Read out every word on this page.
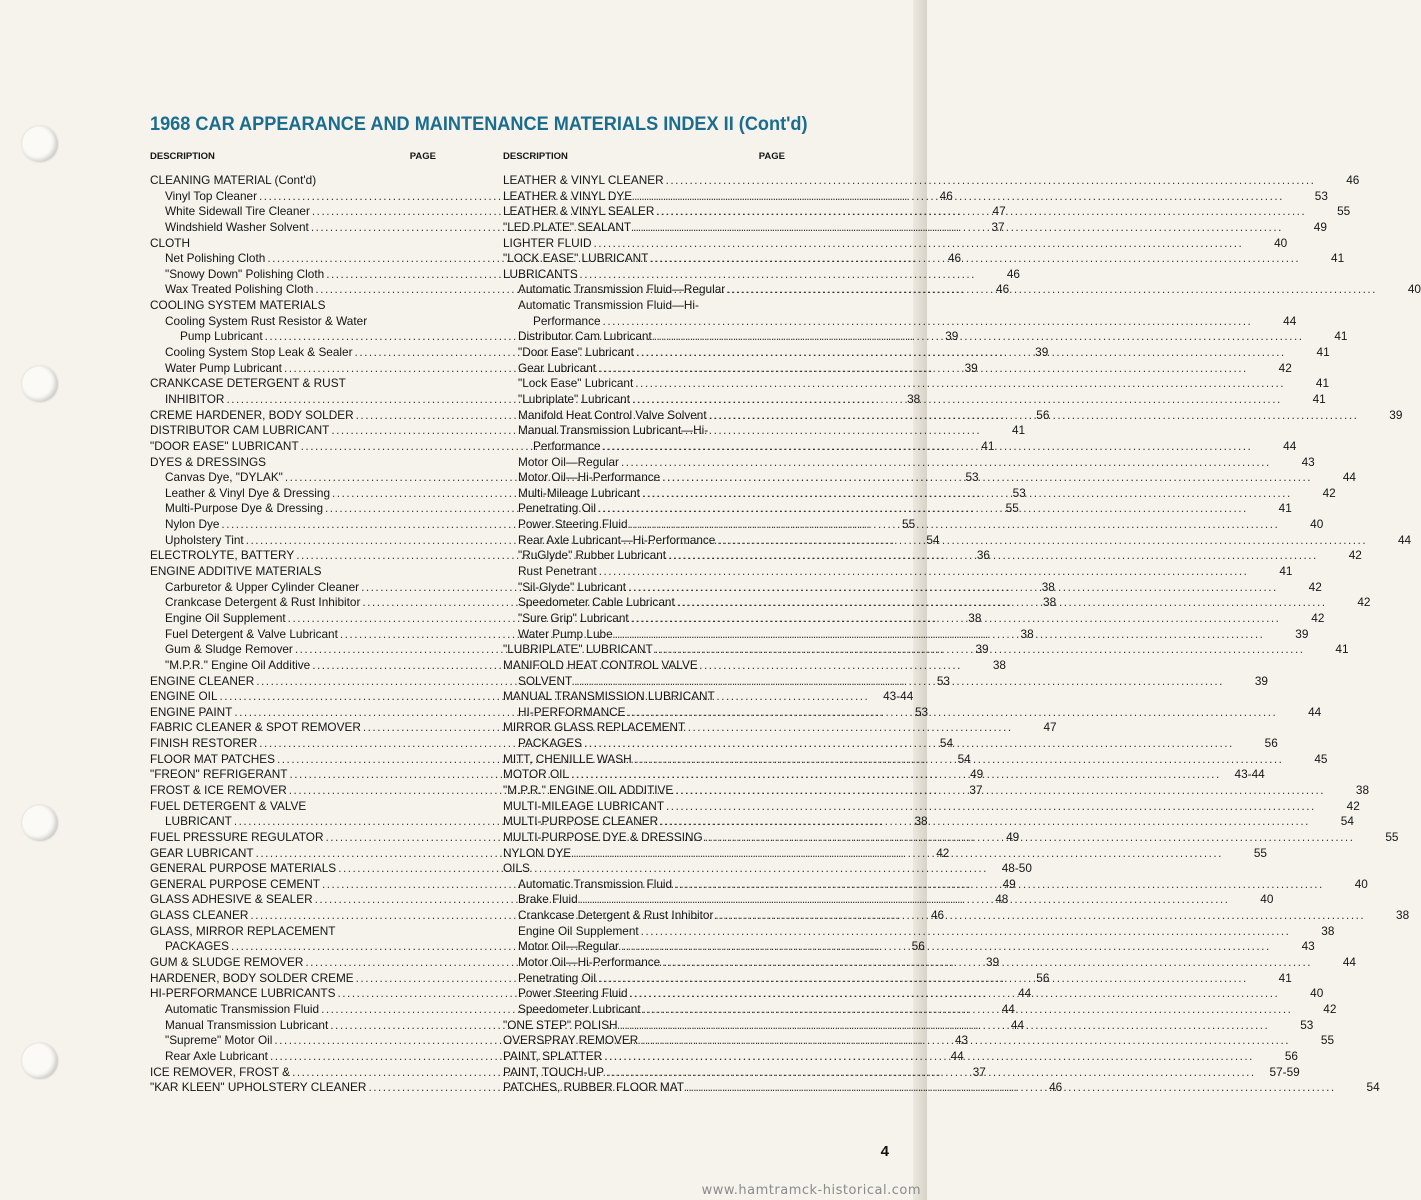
1968 CAR APPEARANCE AND MAINTENANCE MATERIALS INDEX II (Cont'd)
DESCRIPTION	PAGE
CLEANING MATERIAL (Cont'd)
Vinyl Top Cleaner .....	46
White Sidewall Tire Cleaner .....	47
Windshield Washer Solvent .....	37
CLOTH
Net Polishing Cloth .....	46
"Snowy Down" Polishing Cloth .....	46
Wax Treated Polishing Cloth .....	46
COOLING SYSTEM MATERIALS
Cooling System Rust Resistor & Water
Pump Lubricant .....	39
Cooling System Stop Leak & Sealer .....	39
Water Pump Lubricant .....	39
CRANKCASE DETERGENT & RUST
INHIBITOR .....	38
CREME HARDENER, BODY SOLDER .....	56
DISTRIBUTOR CAM LUBRICANT .....	41
"DOOR EASE" LUBRICANT .....	41
DYES & DRESSINGS
Canvas Dye, "DYLAK" .....	53
Leather & Vinyl Dye & Dressing .....	53
Multi-Purpose Dye & Dressing .....	55
Nylon Dye .....	55
Upholstery Tint .....	54
ELECTROLYTE, BATTERY .....	36
ENGINE ADDITIVE MATERIALS
Carburetor & Upper Cylinder Cleaner .....	38
Crankcase Detergent & Rust Inhibitor .....	38
Engine Oil Supplement .....	38
Fuel Detergent & Valve Lubricant .....	38
Gum & Sludge Remover .....	39
"M.P.R." Engine Oil Additive .....	38
ENGINE CLEANER .....	53
ENGINE OIL .....	43-44
ENGINE PAINT .....	53
FABRIC CLEANER & SPOT REMOVER .....	47
FINISH RESTORER .....	54
FLOOR MAT PATCHES .....	54
"FREON" REFRIGERANT .....	49
FROST & ICE REMOVER .....	37
FUEL DETERGENT & VALVE
LUBRICANT .....	38
FUEL PRESSURE REGULATOR .....	49
GEAR LUBRICANT .....	42
GENERAL PURPOSE MATERIALS .....	48-50
GENERAL PURPOSE CEMENT .....	49
GLASS ADHESIVE & SEALER .....	48
GLASS CLEANER .....	46
GLASS, MIRROR REPLACEMENT
PACKAGES .....	56
GUM & SLUDGE REMOVER .....	39
HARDENER, BODY SOLDER CREME .....	56
HI-PERFORMANCE LUBRICANTS .....	44
Automatic Transmission Fluid .....	44
Manual Transmission Lubricant .....	44
"Supreme" Motor Oil .....	43
Rear Axle Lubricant .....	44
ICE REMOVER, FROST & .....	37
"KAR KLEEN" UPHOLSTERY CLEANER .....	46
DESCRIPTION	PAGE
LEATHER & VINYL CLEANER .....	46
LEATHER & VINYL DYE .....	53
LEATHER & VINYL SEALER .....	55
"LED PLATE" SEALANT .....	49
LIGHTER FLUID .....	40
"LOCK EASE" LUBRICANT .....	41
LUBRICANTS
Automatic Transmission Fluid—Regular .....	40
Automatic Transmission Fluid—Hi-
Performance .....	44
Distributor Cam Lubricant .....	41
"Door Ease" Lubricant .....	41
Gear Lubricant .....	42
"Lock Ease" Lubricant .....	41
"Lubriplate" Lubricant .....	41
Manifold Heat Control Valve Solvent .....	39
Manual Transmission Lubricant—Hi-
Performance .....	44
Motor Oil—Regular .....	43
Motor Oil—Hi-Performance .....	44
Multi-Mileage Lubricant .....	42
Penetrating Oil .....	41
Power Steering Fluid .....	40
Rear Axle Lubricant—Hi-Performance .....	44
"RuGlyde" Rubber Lubricant .....	42
Rust Penetrant .....	41
"Sil-Glyde" Lubricant .....	42
Speedometer Cable Lubricant .....	42
"Sure Grip" Lubricant .....	42
Water Pump Lube .....	39
"LUBRIPLATE" LUBRICANT .....	41
MANIFOLD HEAT CONTROL VALVE
SOLVENT .....	39
MANUAL TRANSMISSION LUBRICANT
HI-PERFORMANCE .....	44
MIRROR GLASS REPLACEMENT
PACKAGES .....	56
MITT, CHENILLE WASH .....	45
MOTOR OIL .....	43-44
"M.P.R." ENGINE OIL ADDITIVE .....	38
MULTI-MILEAGE LUBRICANT .....	42
MULTI-PURPOSE CLEANER .....	54
MULTI-PURPOSE DYE & DRESSING .....	55
NYLON DYE .....	55
OILS
Automatic Transmission Fluid .....	40
Brake Fluid .....	40
Crankcase Detergent & Rust Inhibitor .....	38
Engine Oil Supplement .....	38
Motor Oil—Regular .....	43
Motor Oil—Hi-Performance .....	44
Penetrating Oil .....	41
Power Steering Fluid .....	40
Speedometer Lubricant .....	42
"ONE STEP" POLISH .....	53
OVERSPRAY REMOVER .....	55
PAINT, SPLATTER .....	56
PAINT, TOUCH-UP .....	57-59
PATCHES, RUBBER FLOOR MAT .....	54
4
www.hamtramck-historical.com
